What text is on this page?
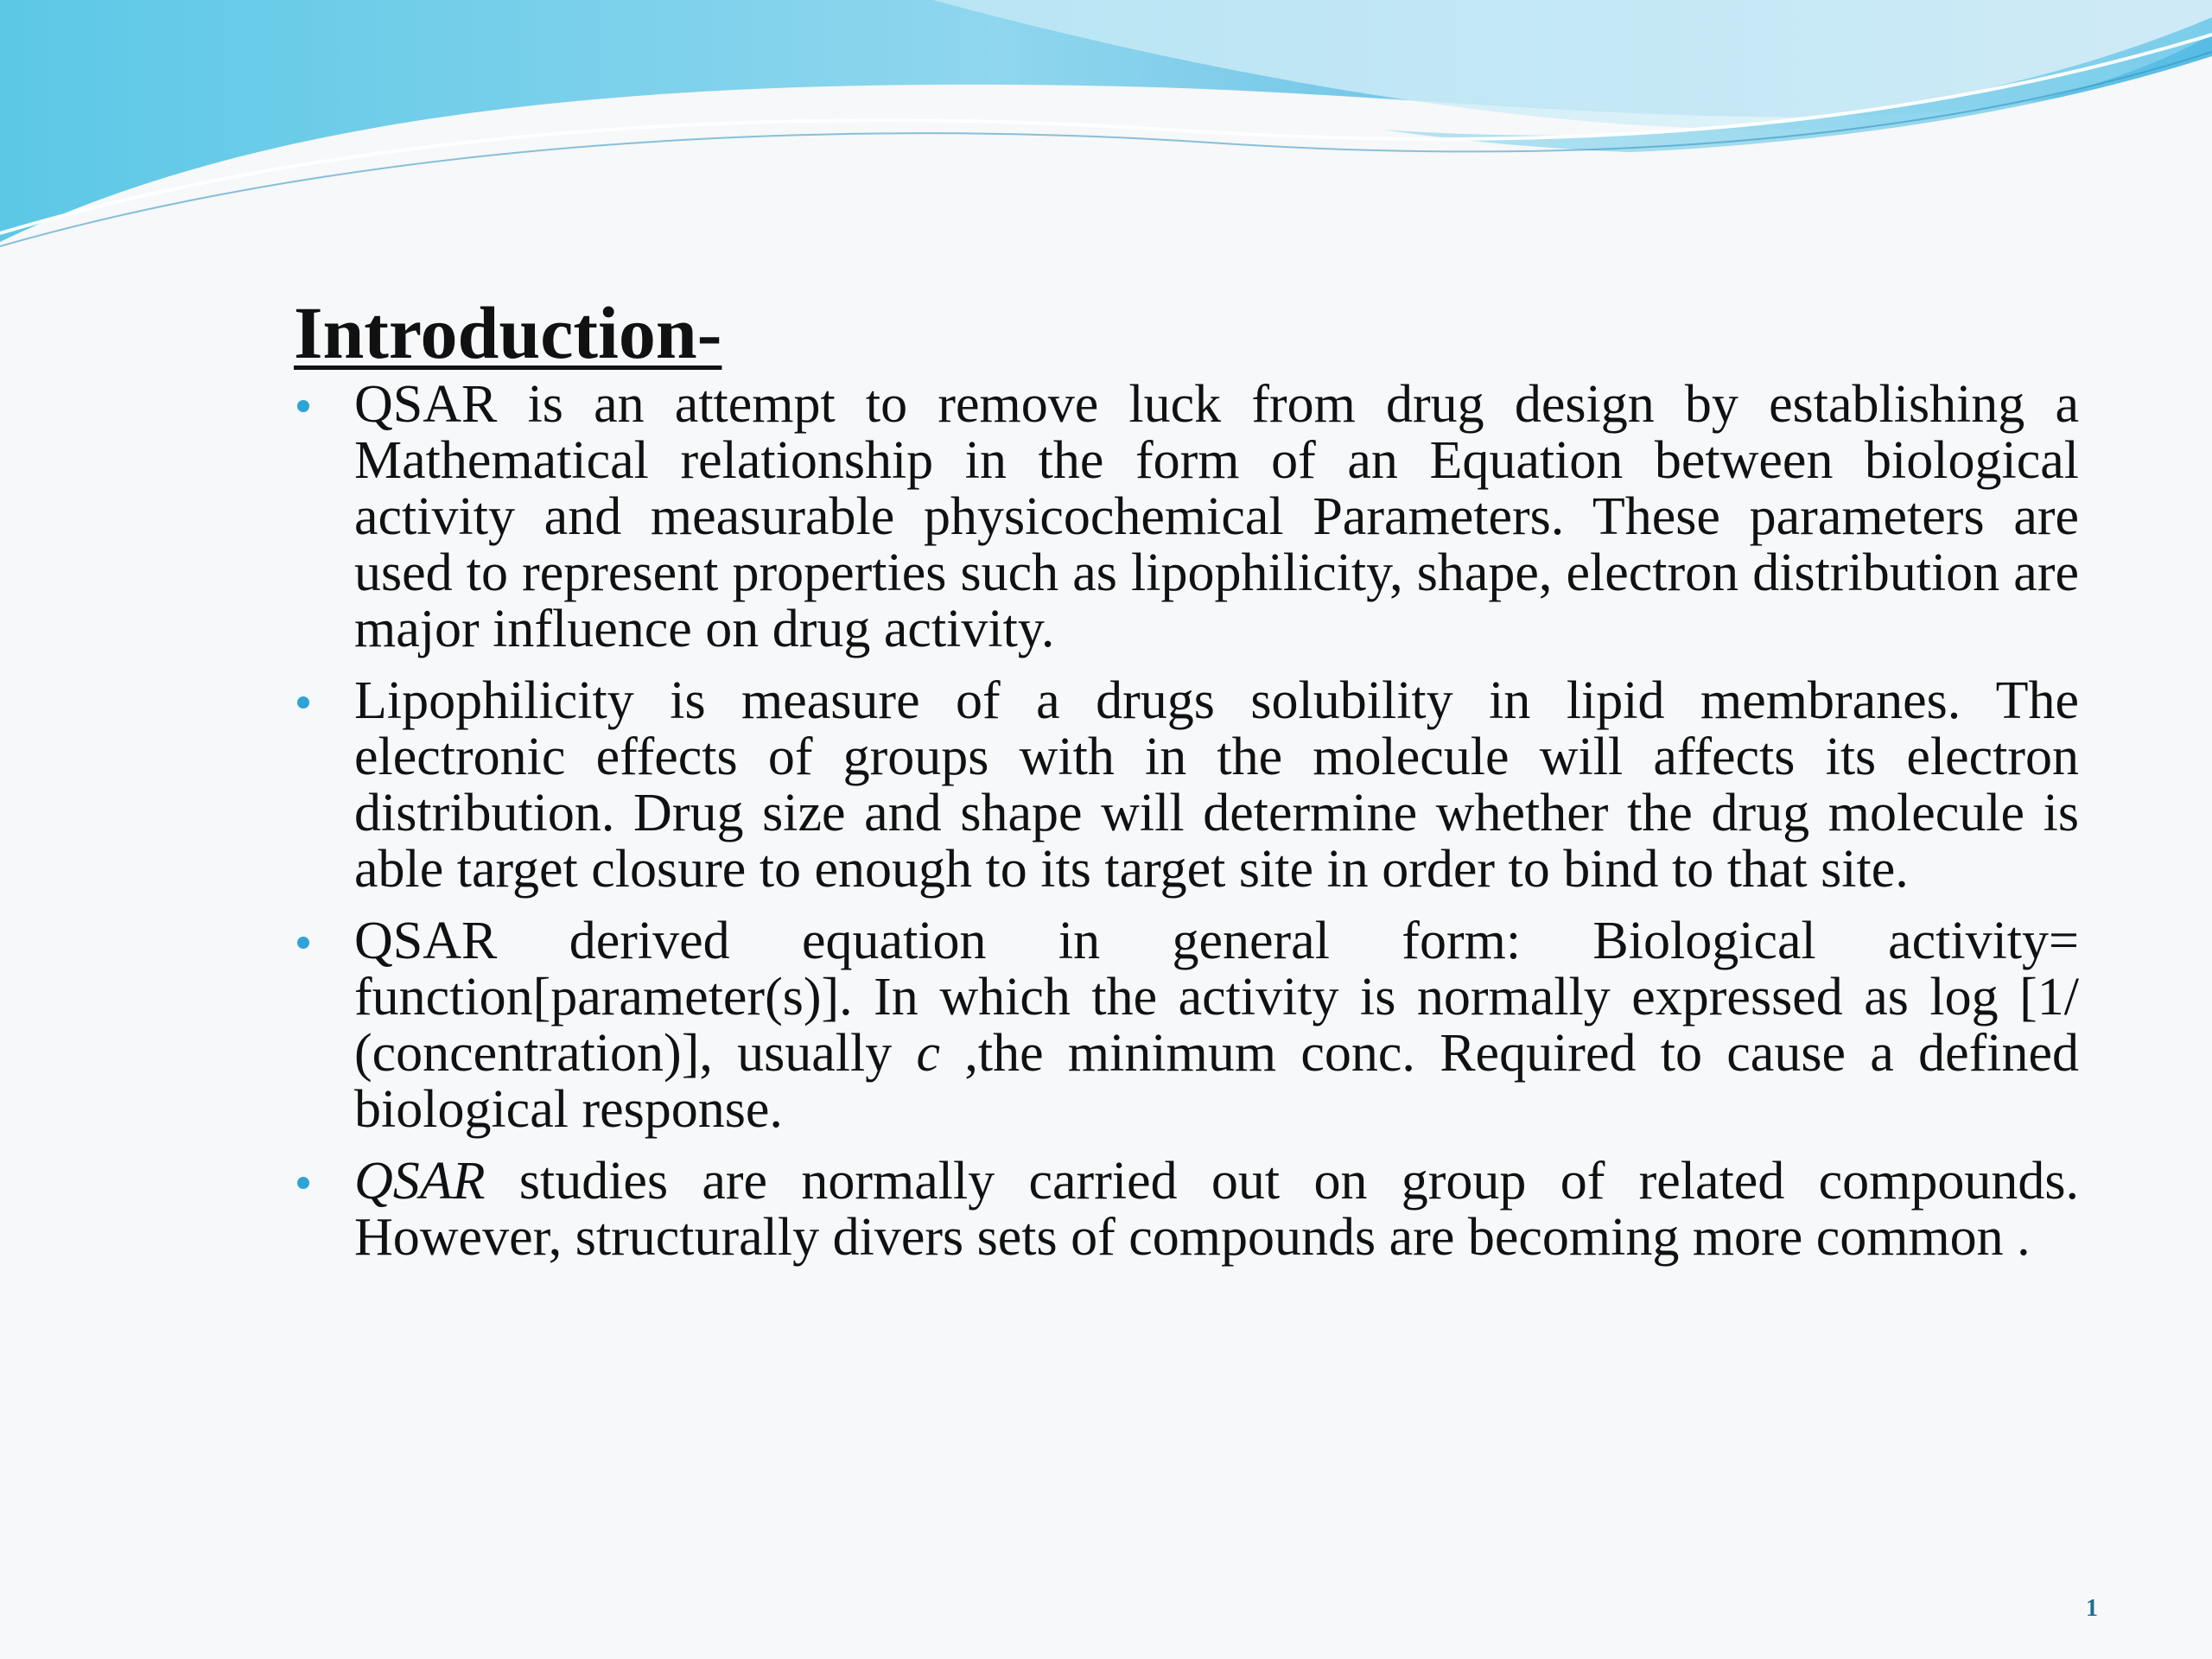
Introduction-
QSAR is an attempt to remove luck from drug design by establishing a Mathematical relationship in the form of an Equation between biological activity and measurable physicochemical Parameters. These parameters are used to represent properties such as lipophilicity, shape, electron distribution are major influence on drug activity.
Lipophilicity is measure of a drugs solubility in lipid membranes. The electronic effects of groups with in the molecule will affects its electron distribution. Drug size and shape will determine whether the drug molecule is able target closure to enough to its target site in order to bind to that site.
QSAR derived equation in general form: Biological activity= function[parameter(s)]. In which the activity is normally expressed as log [1/ (concentration)], usually c ,the minimum conc. Required to cause a defined biological response.
QSAR studies are normally carried out on group of related compounds. However, structurally divers sets of compounds are becoming more common .
1
